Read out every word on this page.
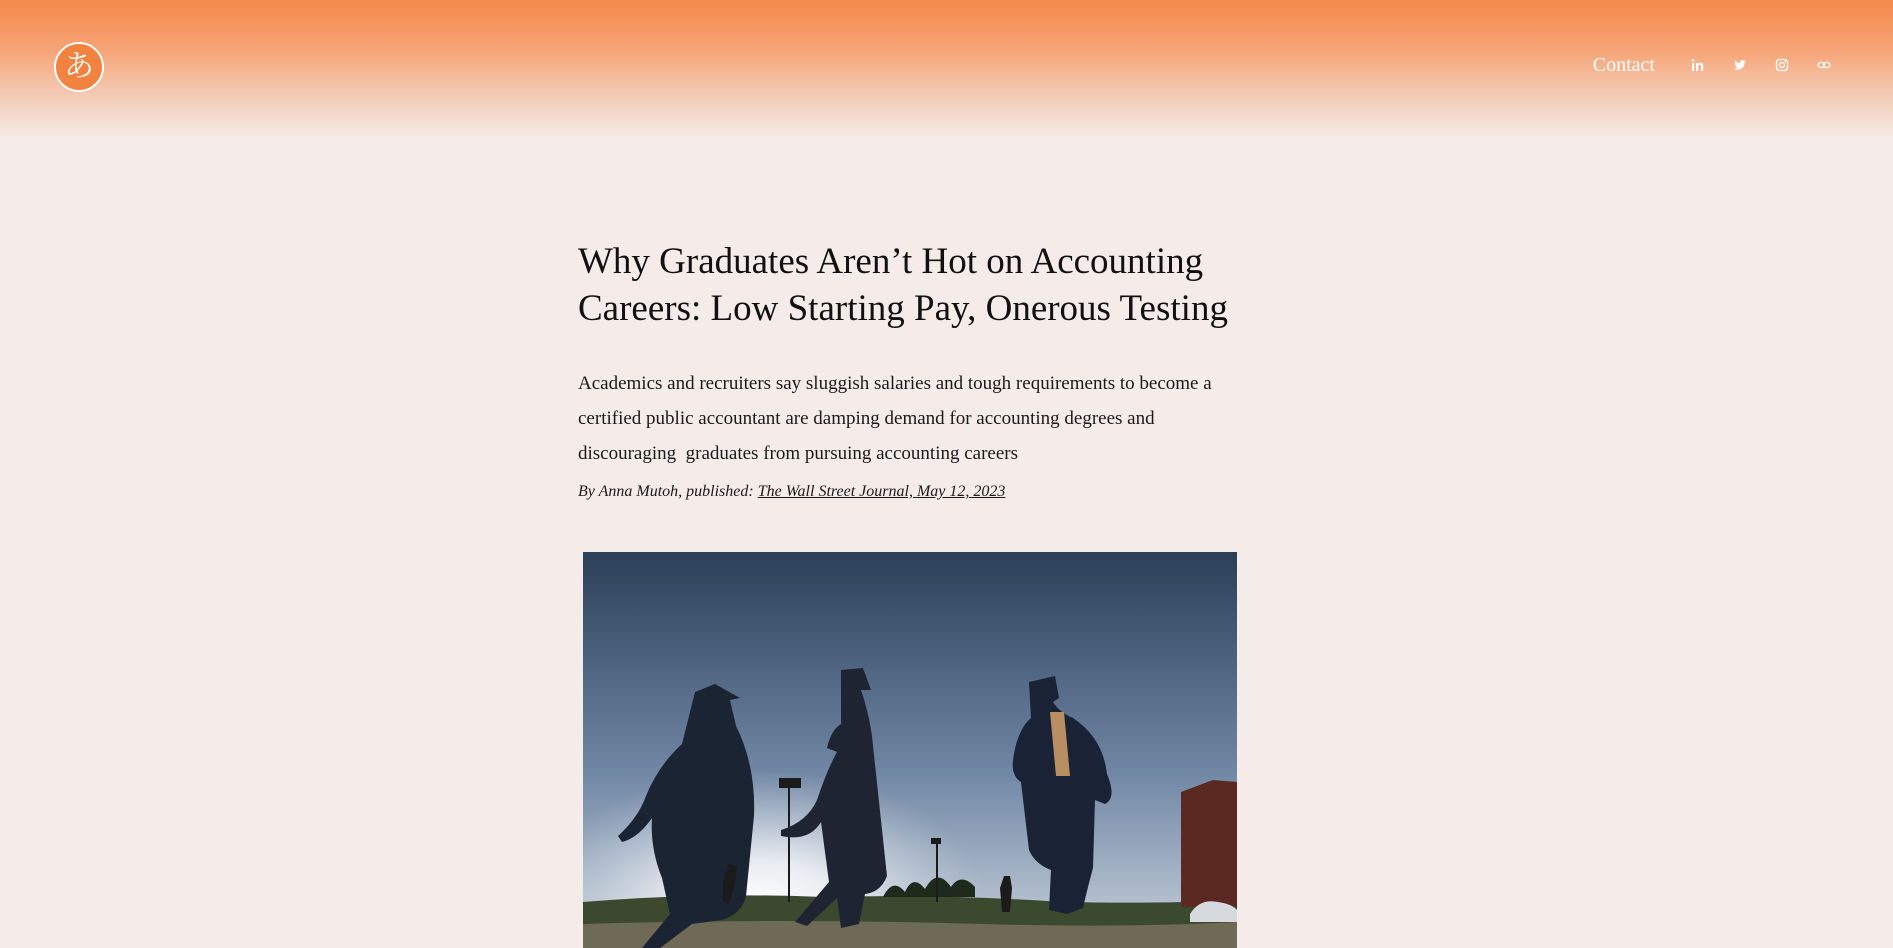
あ	Contact
Why Graduates Aren’t Hot on Accounting
Careers: Low Starting Pay, Onerous Testing

Academics and recruiters say sluggish salaries and tough requirements to become a
certified public accountant are damping demand for accounting degrees and
discouraging  graduates from pursuing accounting careers

By Anna Mutoh, published: The Wall Street Journal, May 12, 2023
